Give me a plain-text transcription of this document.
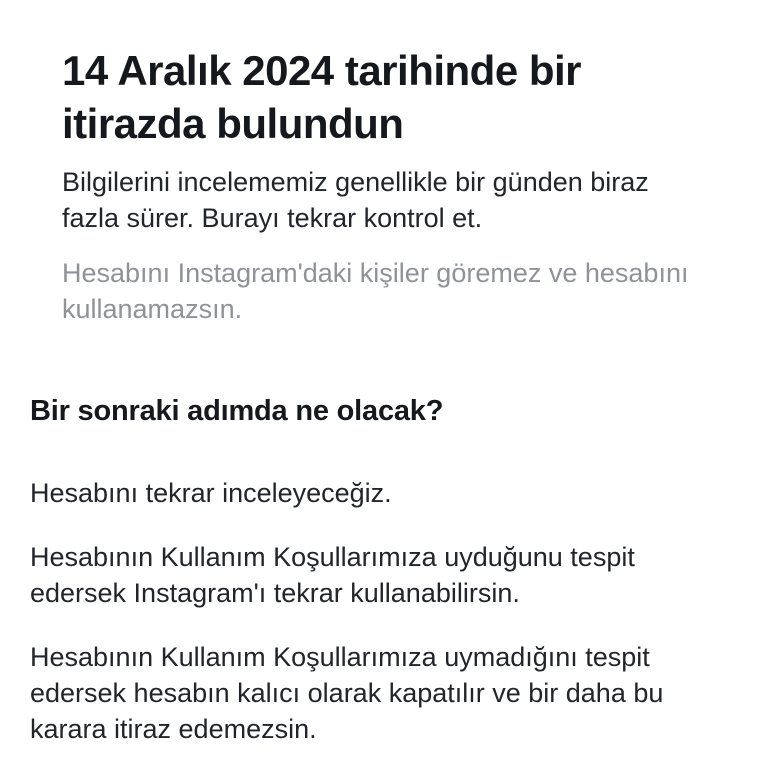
14 Aralık 2024 tarihinde bir itirazda bulundun

Bilgilerini incelememiz genellikle bir günden biraz fazla sürer. Burayı tekrar kontrol et.

Hesabını Instagram'daki kişiler göremez ve hesabını kullanamazsın.

Bir sonraki adımda ne olacak?

Hesabını tekrar inceleyeceğiz.

Hesabının Kullanım Koşullarımıza uyduğunu tespit edersek Instagram'ı tekrar kullanabilirsin.

Hesabının Kullanım Koşullarımıza uymadığını tespit edersek hesabın kalıcı olarak kapatılır ve bir daha bu karara itiraz edemezsin.
